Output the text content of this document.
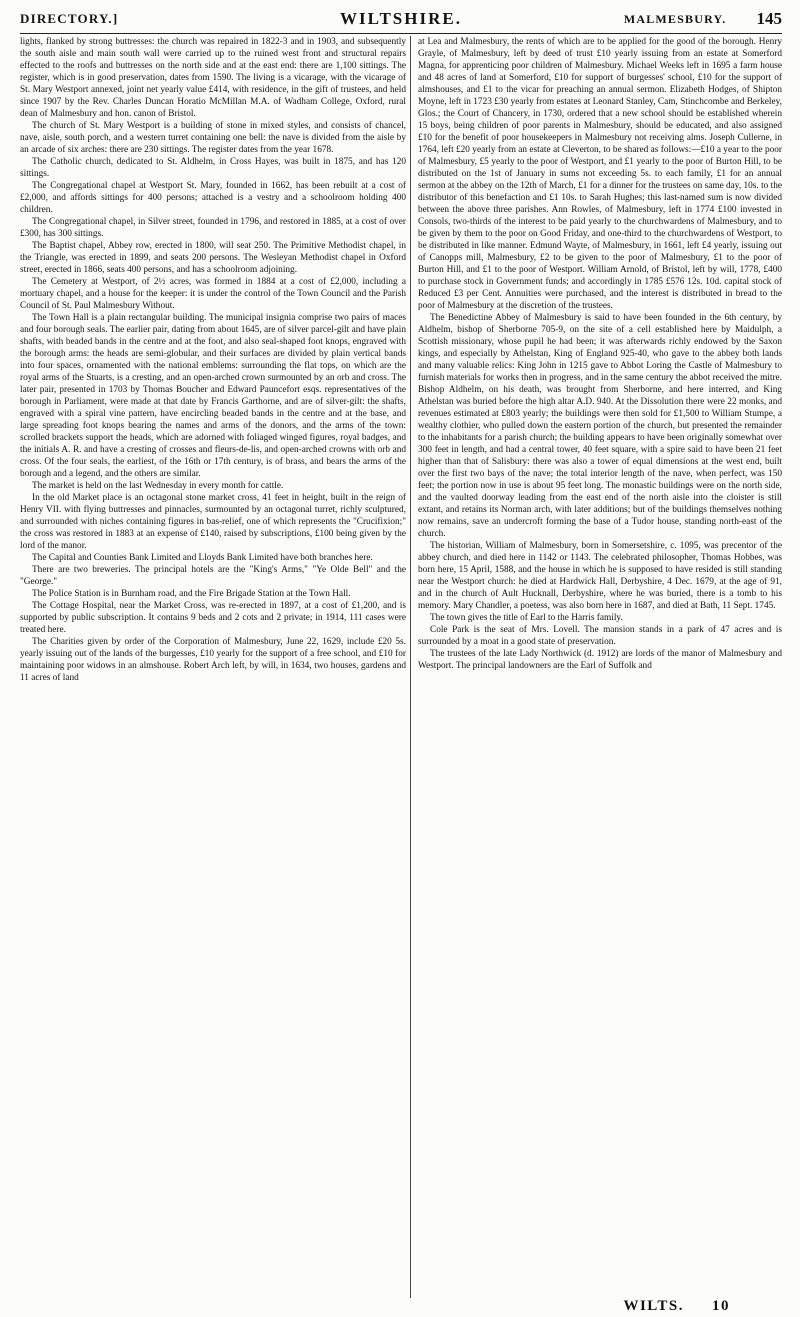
DIRECTORY.]	WILTSHIRE.	MALMESBURY. 145

lights, flanked by strong buttresses: the church was repaired in 1822-3 and in 1903, and subsequently the south aisle and main south wall were carried up to the ruined west front and structural repairs effected to the roofs and buttresses on the north side and at the east end: there are 1,100 sittings. The register, which is in good preservation, dates from 1590. The living is a vicarage, with the vicarage of St. Mary Westport annexed, joint net yearly value £414, with residence, in the gift of trustees, and held since 1907 by the Rev. Charles Duncan Horatio McMillan M.A. of Wadham College, Oxford, rural dean of Malmesbury and hon. canon of Bristol.

The church of St. Mary Westport is a building of stone in mixed styles, and consists of chancel, nave, aisle, south porch, and a western turret containing one bell: the nave is divided from the aisle by an arcade of six arches: there are 230 sittings. The register dates from the year 1678.

The Catholic church, dedicated to St. Aldhelm, in Cross Hayes, was built in 1875, and has 120 sittings.

The Congregational chapel at Westport St. Mary, founded in 1662, has been rebuilt at a cost of £2,000, and affords sittings for 400 persons; attached is a vestry and a schoolroom holding 400 children.

The Congregational chapel, in Silver street, founded in 1796, and restored in 1885, at a cost of over £300, has 300 sittings.

The Baptist chapel, Abbey row, erected in 1800, will seat 250. The Primitive Methodist chapel, in the Triangle, was erected in 1899, and seats 200 persons. The Wesleyan Methodist chapel in Oxford street, erected in 1866, seats 400 persons, and has a schoolroom adjoining.

The Cemetery at Westport, of 2½ acres, was formed in 1884 at a cost of £2,000, including a mortuary chapel, and a house for the keeper: it is under the control of the Town Council and the Parish Council of St. Paul Malmesbury Without.

The Town Hall is a plain rectangular building. The municipal insignia comprise two pairs of maces and four borough seals. The earlier pair, dating from about 1645, are of silver parcel-gilt and have plain shafts, with beaded bands in the centre and at the foot, and also seal-shaped foot knops, engraved with the borough arms: the heads are semi-globular, and their surfaces are divided by plain vertical bands into four spaces, ornamented with the national emblems: surrounding the flat tops, on which are the royal arms of the Stuarts, is a cresting, and an open-arched crown surmounted by an orb and cross. The later pair, presented in 1703 by Thomas Boucher and Edward Pauncefort esqs. representatives of the borough in Parliament, were made at that date by Francis Garthorne, and are of silver-gilt: the shafts, engraved with a spiral vine pattern, have encircling beaded bands in the centre and at the base, and large spreading foot knops bearing the names and arms of the donors, and the arms of the town: scrolled brackets support the heads, which are adorned with foliaged winged figures, royal badges, and the initials A. R. and have a cresting of crosses and fleurs-de-lis, and open-arched crowns with orb and cross. Of the four seals, the earliest, of the 16th or 17th century, is of brass, and bears the arms of the borough and a legend, and the others are similar.

The market is held on the last Wednesday in every month for cattle.

In the old Market place is an octagonal stone market cross, 41 feet in height, built in the reign of Henry VII. with flying buttresses and pinnacles, surmounted by an octagonal turret, richly sculptured, and surrounded with niches containing figures in bas-relief, one of which represents the "Crucifixion;" the cross was restored in 1883 at an expense of £140, raised by subscriptions, £100 being given by the lord of the manor.

The Capital and Counties Bank Limited and Lloyds Bank Limited have both branches here.

There are two breweries. The principal hotels are the "King's Arms," "Ye Olde Bell" and the "George."

The Police Station is in Burnham road, and the Fire Brigade Station at the Town Hall.

The Cottage Hospital, near the Market Cross, was re-erected in 1897, at a cost of £1,200, and is supported by public subscription. It contains 9 beds and 2 cots and 2 private; in 1914, 111 cases were treated here.

The Charities given by order of the Corporation of Malmesbury, June 22, 1629, include £20 5s. yearly issuing out of the lands of the burgesses, £10 yearly for the support of a free school, and £10 for maintaining poor widows in an almshouse. Robert Arch left, by will, in 1634, two houses, gardens and 11 acres of land

at Lea and Malmesbury, the rents of which are to be applied for the good of the borough. Henry Grayle, of Malmesbury, left by deed of trust £10 yearly issuing from an estate at Somerford Magna, for apprenticing poor children of Malmesbury. Michael Weeks left in 1695 a farm house and 48 acres of land at Somerford, £10 for support of burgesses' school, £10 for the support of almshouses, and £1 to the vicar for preaching an annual sermon. Elizabeth Hodges, of Shipton Moyne, left in 1723 £30 yearly from estates at Leonard Stanley, Cam, Stinchcombe and Berkeley, Glos.; the Court of Chancery, in 1730, ordered that a new school should be established wherein 15 boys, being children of poor parents in Malmesbury, should be educated, and also assigned £10 for the benefit of poor housekeepers in Malmesbury not receiving alms. Joseph Cullerne, in 1764, left £20 yearly from an estate at Cleverton, to be shared as follows:—£10 a year to the poor of Malmesbury, £5 yearly to the poor of Westport, and £1 yearly to the poor of Burton Hill, to be distributed on the 1st of January in sums not exceeding 5s. to each family, £1 for an annual sermon at the abbey on the 12th of March, £1 for a dinner for the trustees on same day, 10s. to the distributor of this benefaction and £1 10s. to Sarah Hughes; this last-named sum is now divided between the above three parishes. Ann Rowles, of Malmesbury, left in 1774 £100 invested in Consols, two-thirds of the interest to be paid yearly to the churchwardens of Malmesbury, and to be given by them to the poor on Good Friday, and one-third to the churchwardens of Westport, to be distributed in like manner. Edmund Wayte, of Malmesbury, in 1661, left £4 yearly, issuing out of Canopps mill, Malmesbury, £2 to be given to the poor of Malmesbury, £1 to the poor of Burton Hill, and £1 to the poor of Westport. William Arnold, of Bristol, left by will, 1778, £400 to purchase stock in Government funds; and accordingly in 1785 £576 12s. 10d. capital stock of Reduced £3 per Cent. Annuities were purchased, and the interest is distributed in bread to the poor of Malmesbury at the discretion of the trustees.

The Benedictine Abbey of Malmesbury is said to have been founded in the 6th century, by Aldhelm, bishop of Sherborne 705-9, on the site of a cell established here by Maidulph, a Scottish missionary, whose pupil he had been; it was afterwards richly endowed by the Saxon kings, and especially by Athelstan, King of England 925-40, who gave to the abbey both lands and many valuable relics: King John in 1215 gave to Abbot Loring the Castle of Malmesbury to furnish materials for works then in progress, and in the same century the abbot received the mitre. Bishop Aldhelm, on his death, was brought from Sherborne, and here interred, and King Athelstan was buried before the high altar A.D. 940. At the Dissolution there were 22 monks, and revenues estimated at £803 yearly; the buildings were then sold for £1,500 to William Stumpe, a wealthy clothier, who pulled down the eastern portion of the church, but presented the remainder to the inhabitants for a parish church; the building appears to have been originally somewhat over 300 feet in length, and had a central tower, 40 feet square, with a spire said to have been 21 feet higher than that of Salisbury: there was also a tower of equal dimensions at the west end, built over the first two bays of the nave; the total interior length of the nave, when perfect, was 150 feet; the portion now in use is about 95 feet long. The monastic buildings were on the north side, and the vaulted doorway leading from the east end of the north aisle into the cloister is still extant, and retains its Norman arch, with later additions; but of the buildings themselves nothing now remains, save an undercroft forming the base of a Tudor house, standing north-east of the church.

The historian, William of Malmesbury, born in Somersetshire, c. 1095, was precentor of the abbey church, and died here in 1142 or 1143. The celebrated philosopher, Thomas Hobbes, was born here, 15 April, 1588, and the house in which he is supposed to have resided is still standing near the Westport church: he died at Hardwick Hall, Derbyshire, 4 Dec. 1679, at the age of 91, and in the church of Ault Hucknall, Derbyshire, where he was buried, there is a tomb to his memory. Mary Chandler, a poetess, was also born here in 1687, and died at Bath, 11 Sept. 1745.

The town gives the title of Earl to the Harris family.

Cole Park is the seat of Mrs. Lovell. The mansion stands in a park of 47 acres and is surrounded by a moat in a good state of preservation.

The trustees of the late Lady Northwick (d. 1912) are lords of the manor of Malmesbury and Westport. The principal landowners are the Earl of Suffolk and

WILTS. 10
